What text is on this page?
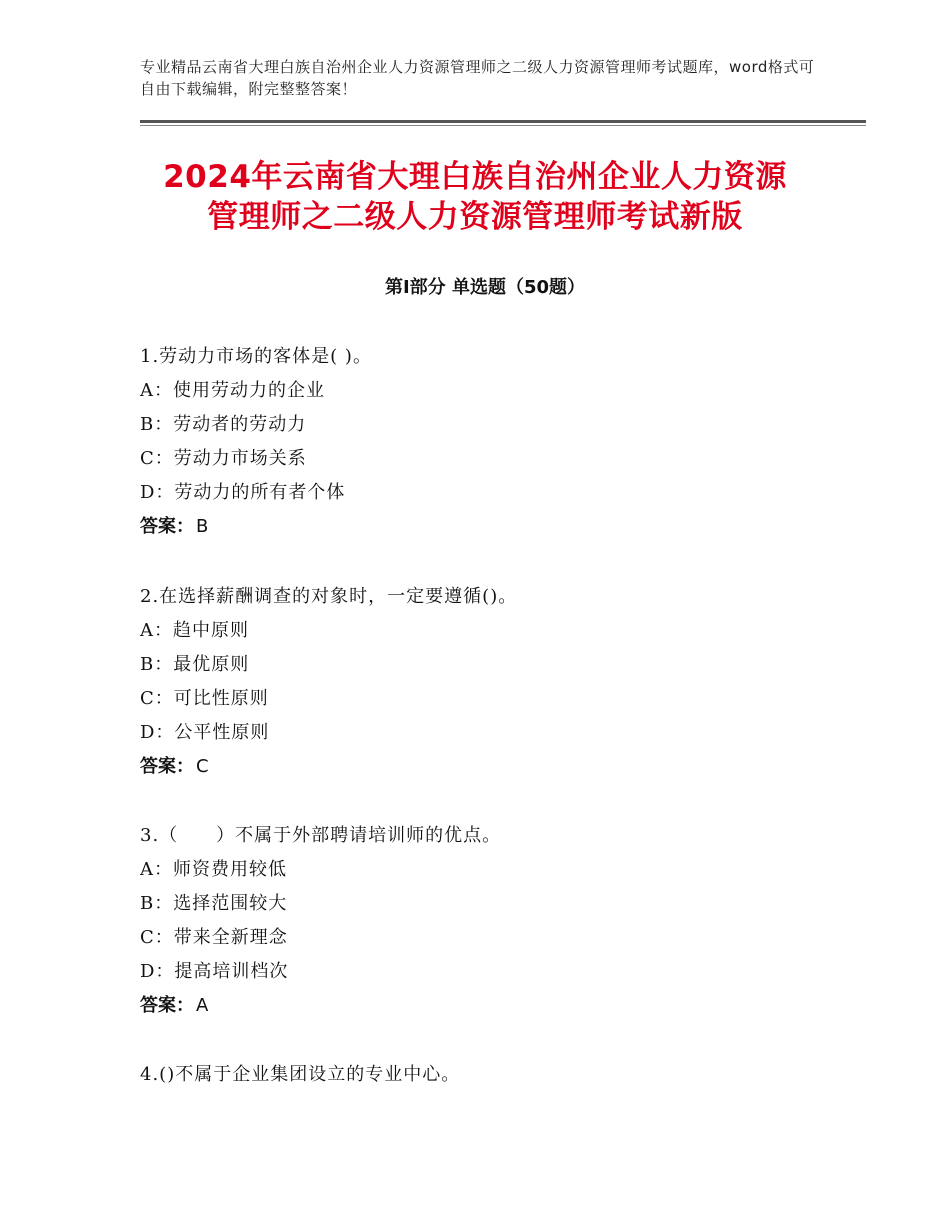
专业精品云南省大理白族自治州企业人力资源管理师之二级人力资源管理师考试题库，word格式可自由下载编辑，附完整整答案！
2024年云南省大理白族自治州企业人力资源
管理师之二级人力资源管理师考试新版
第Ⅰ部分 单选题（50题）
1.劳动力市场的客体是( )。
A：使用劳动力的企业
B：劳动者的劳动力
C：劳动力市场关系
D：劳动力的所有者个体
答案： B
2.在选择薪酬调查的对象时，一定要遵循()。
A：趋中原则
B：最优原则
C：可比性原则
D：公平性原则
答案： C
3.（　　）不属于外部聘请培训师的优点。
A：师资费用较低
B：选择范围较大
C：带来全新理念
D：提高培训档次
答案： A
4.()不属于企业集团设立的专业中心。
